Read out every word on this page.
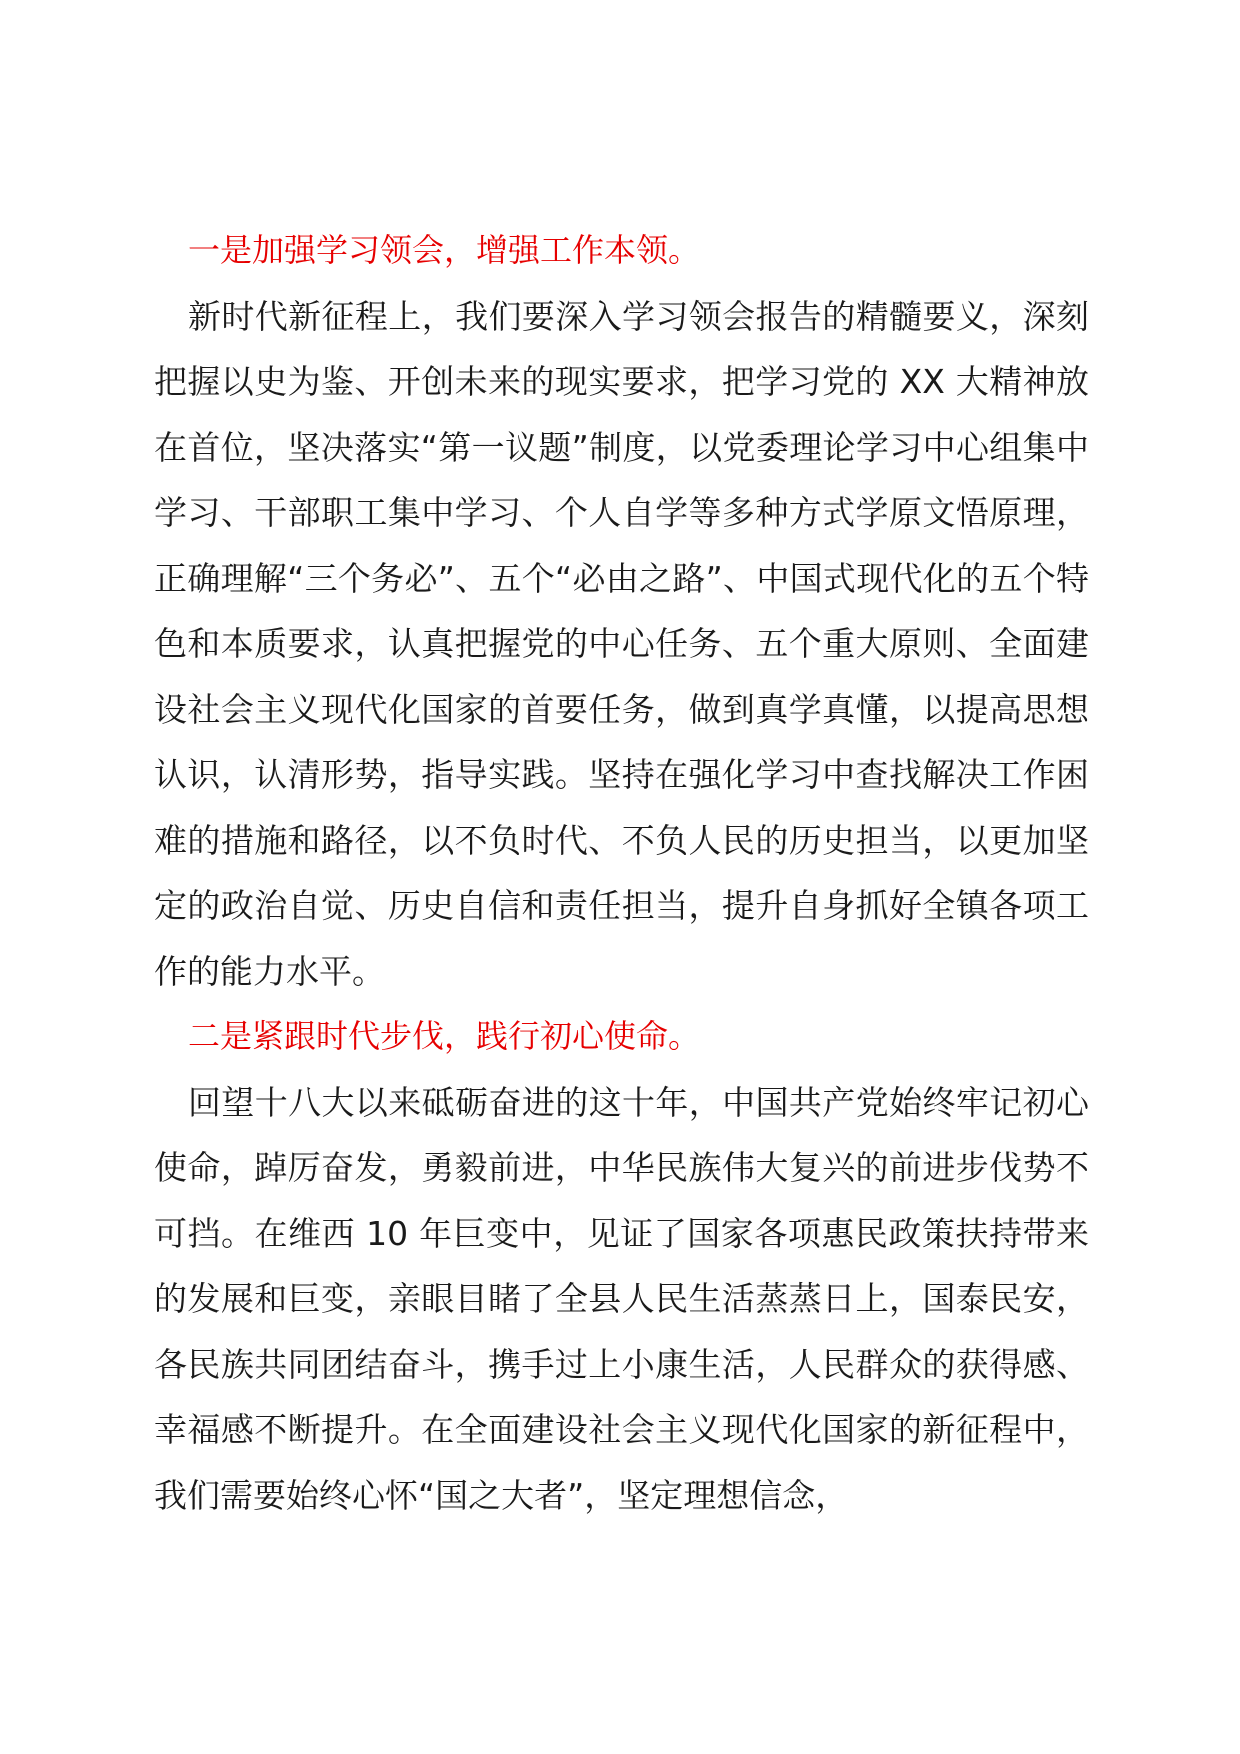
一是加强学习领会，增强工作本领。

新时代新征程上，我们要深入学习领会报告的精髓要义，深刻把握以史为鉴、开创未来的现实要求，把学习党的 XX 大精神放在首位，坚决落实“第一议题”制度，以党委理论学习中心组集中学习、干部职工集中学习、个人自学等多种方式学原文悟原理，正确理解“三个务必”、五个“必由之路”、中国式现代化的五个特色和本质要求，认真把握党的中心任务、五个重大原则、全面建设社会主义现代化国家的首要任务，做到真学真懂，以提高思想认识，认清形势，指导实践。坚持在强化学习中查找解决工作困难的措施和路径，以不负时代、不负人民的历史担当，以更加坚定的政治自觉、历史自信和责任担当，提升自身抓好全镇各项工作的能力水平。

二是紧跟时代步伐，践行初心使命。

回望十八大以来砥砺奋进的这十年，中国共产党始终牢记初心使命，踔厉奋发，勇毅前进，中华民族伟大复兴的前进步伐势不可挡。在维西 10 年巨变中，见证了国家各项惠民政策扶持带来的发展和巨变，亲眼目睹了全县人民生活蒸蒸日上，国泰民安，各民族共同团结奋斗，携手过上小康生活，人民群众的获得感、幸福感不断提升。在全面建设社会主义现代化国家的新征程中，我们需要始终心怀“国之大者”，坚定理想信念，
